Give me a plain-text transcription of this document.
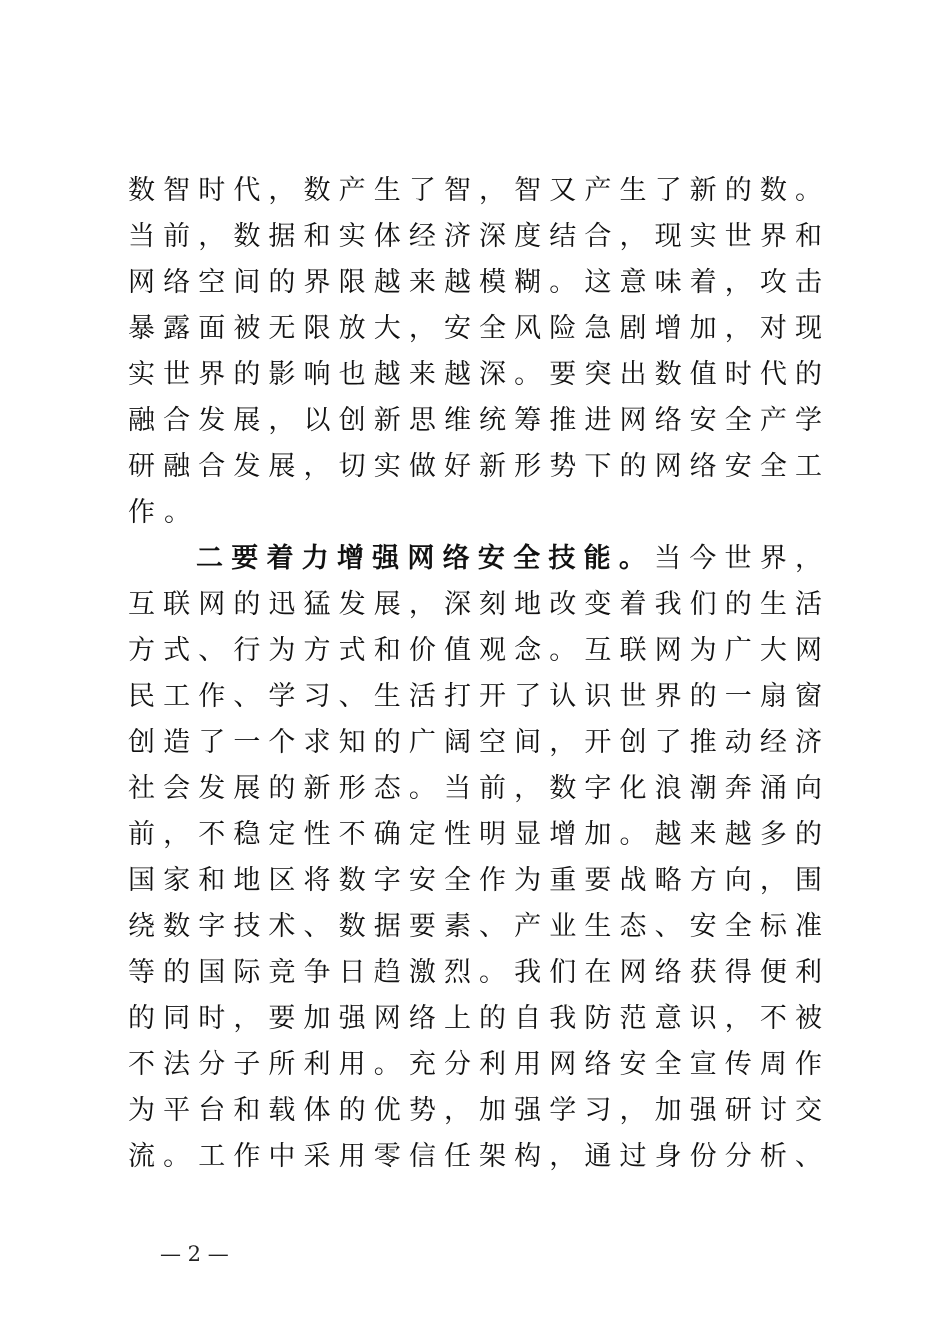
数智时代，数产生了智，智又产生了新的数。
当前，数据和实体经济深度结合，现实世界和
网络空间的界限越来越模糊。这意味着，攻击
暴露面被无限放大，安全风险急剧增加，对现
实世界的影响也越来越深。要突出数值时代的
融合发展，以创新思维统筹推进网络安全产学
研融合发展，切实做好新形势下的网络安全工
作。
二要着力增强网络安全技能。当今世界，
互联网的迅猛发展，深刻地改变着我们的生活
方式、行为方式和价值观念。互联网为广大网
民工作、学习、生活打开了认识世界的一扇窗
创造了一个求知的广阔空间，开创了推动经济
社会发展的新形态。当前，数字化浪潮奔涌向
前，不稳定性不确定性明显增加。越来越多的
国家和地区将数字安全作为重要战略方向，围
绕数字技术、数据要素、产业生态、安全标准
等的国际竞争日趋激烈。我们在网络获得便利
的同时，要加强网络上的自我防范意识，不被
不法分子所利用。充分利用网络安全宣传周作
为平台和载体的优势，加强学习，加强研讨交
流。工作中采用零信任架构，通过身份分析、
— 2 —
